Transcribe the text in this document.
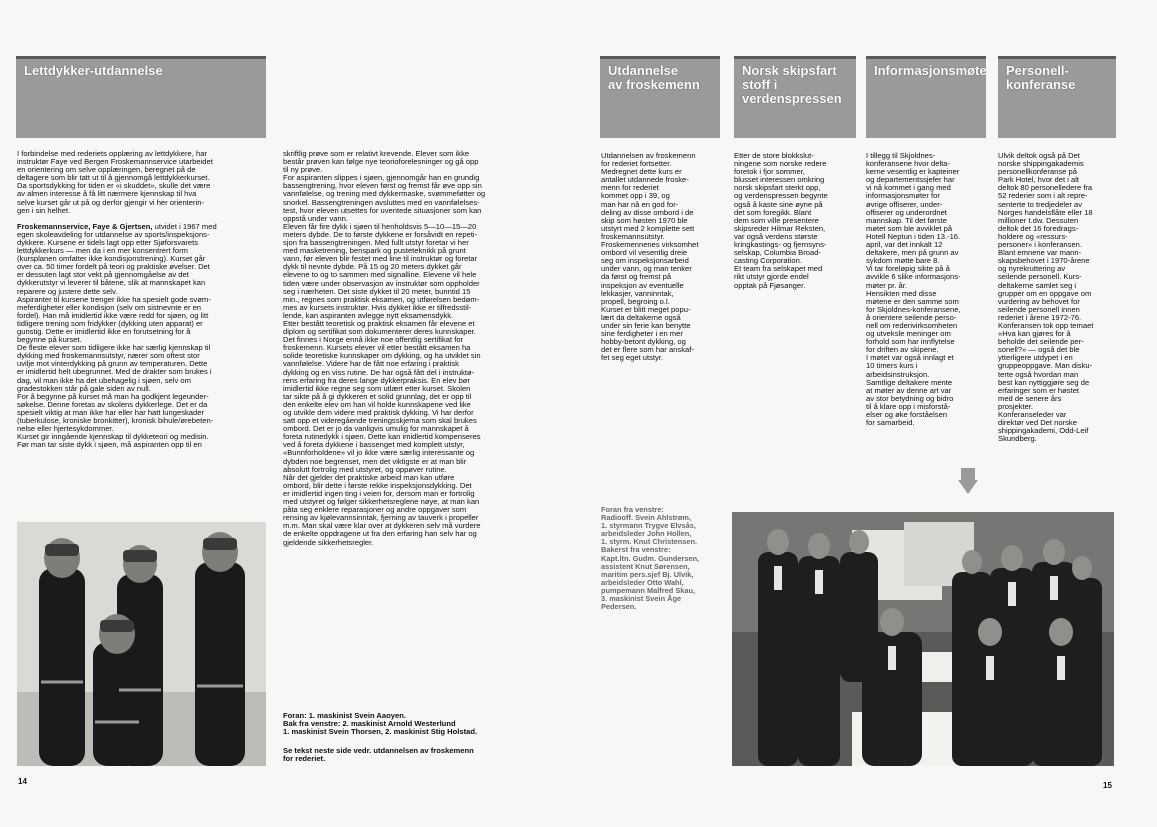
Lettdykker-utdannelse

I forbindelse med rederiets opplæring av lettdykkere, har
instruktør Faye ved Bergen Froskemannservice utarbeidet
en orientering om selve opplæringen, beregnet på de
deltagere som blir tatt ut til å gjennomgå lettdykkerkurset.
Da sportsdykking for tiden er «i skuddet», skulle det være
av almen interesse å få litt nærmere kjennskap til hva
selve kurset går ut på og derfor gjengir vi her orienterin-
gen i sin helhet.

Froskemannservice, Faye & Gjertsen, utvidet i 1967 med
egen skoleavdeling for utdannelse av sports/inspeksjons-
dykkere. Kursene er tidels lagt opp etter Sjøforsvarets
lettdykkerkurs — men da i en mer konsentrert form
(kursplanen omfatter ikke kondisjonstrening). Kurset går
over ca. 50 timer fordelt på teori og praktiske øvelser. Det
er dessuten lagt stor vekt på gjennomgåelse av det
dykkerutstyr vi leverer til båtene, slik at mannskapet kan
reparere og justere dette selv.
Aspiranter til kursene trenger ikke ha spesielt gode svøm-
meferdigheter eller kondisjon (selv om sistnevnte er en
fordel). Han må imidlertid ikke være redd for sjøen, og litt
tidligere trening som fridykker (dykking uten apparat) er
gunstig. Dette er imidlertid ikke en forutsetning for å
begynne på kurset.
De fleste elever som tidligere ikke har særlig kjennskap til
dykking med froskemannsutstyr, nærer som oftest stor
uvilje mot vinterdykking på grunn av temperaturen. Dette
er imidlertid helt ubegrunnet. Med de drakter som brukes i
dag, vil man ikke ha det ubehagelig i sjøen, selv om
gradestokken står på gale siden av null.
For å begynne på kurset må man ha godkjent legeunder-
søkelse. Denne foretas av skolens dykkerlege. Det er da
spesielt viktig at man ikke har eller har hatt lungeskader
(tuberkulose, kroniske bronkitter), kronisk bihule/ørebeten-
nelse eller hjertesykdommer.
Kurset gir inngående kjennskap til dykketeori og medisin.
Før man tar siste dykk i sjøen, må aspiranten opp til en

skriftlig prøve som er relativt krevende. Elever som ikke
består prøven kan følge nye teorioforelesninger og gå opp
til ny prøve.
For aspiranten slippes i sjøen, gjennomgår han en grundig
bassengtrening, hvor eleven først og fremst får øve opp sin
vannfølelse, og trening med dykkermaske, svømmeføtter og
snorkel. Bassengtreningen avsluttes med en vannfølelses-
test, hvor eleven utsettes for uventede situasjoner som kan
oppstå under vann.
Eleven får fire dykk i sjøen til henholdsvis 5—10—15—20
meters dybde. De to første dykkene er forsåvidt en repeti-
sjon fra bassengtreningen. Med fullt utstyr foretar vi her
med masketrening, benspark og pusteteknikk på grunt
vann, før eleven blir festet med line til instruktør og foretar
dykk til nevnte dybde. På 15 og 20 meters dykket går
elevene to og to sammen med signalline. Elevene vil hele
tiden være under observasjon av instruktør som oppholder
seg i nærheten. Det siste dykket til 20 meter, bunntid 15
min., regnes som praktisk eksamen, og utførelsen bedøm-
mes av kursets instruktør. Hvis dykket ikke er tilfredsstil-
lende, kan aspiranten avlegge nytt eksamensdykk.
Etter bestått teoretisk og praktisk eksamen får elevene et
diplom og sertifikat som dokumenterer deres kunnskaper.
Det finnes i Norge ennå ikke noe offentlig sertifikat for
froskemenn. Kursets elever vil etter bestått eksamen ha
solide teoretiske kunnskaper om dykking, og ha utviklet sin
vannfølelse. Videre har de fått noe erfaring i praktisk
dykking og en viss rutine. De har også fått del i instruktø-
rens erfaring fra deres lange dykkerpraksis. En elev bør
imidlertid ikke regne seg som utlært etter kurset. Skolen
tar sikte på å gi dykkeren et solid grunnlag, det er opp til
den enkelte elev om han vil holde kunnskapene ved like
og utvikle dem videre med praktisk dykking. Vi har derfor
satt opp et videregående treningsskjema som skal brukes
ombord. Det er jo da vanligvis umulig for mannskapet å
foreta rutinedykk i sjøen. Dette kan imidlertid kompenseres
ved å foreta dykkene i bassenget med komplett utstyr,
«Bunnforholdene» vil jo ikke være særlig interessante og
dybden noe begrenset, men det viktigste er at man blir
absolutt fortrolig med utstyret, og oppøver rutine.
Når det gjelder det praktiske arbeid man kan utføre
ombord, blir dette i første rekke inspeksjonsdykking. Det
er imidlertid ingen ting i veien for, dersom man er fortrolig
med utstyret og følger sikkerhetsreglene nøye, at man kan
påta seg enklere reparasjoner og andre oppgaver som
rensing av kjølevannsinntak, fjerning av tauverk i propeller
m.m. Man skal være klar over at dykkeren selv må vurdere
de enkelte oppdragene ut fra den erfaring han selv har og
gjeldende sikkerhetsregler.

Foran: 1. maskinist Svein Aaoyen.
Bak fra venstre: 2. maskinist Arnold Westerlund
1. maskinist Svein Thorsen, 2. maskinist Stig Holstad.
Se tekst neste side vedr. utdannelsen av froskemenn
for rederiet.
14
Utdannelse
av froskemenn
Norsk skipsfart
stoff i
verdenspressen
Informasjonsmøte Personell-
konferanse

Utdannelsen av froskemenn
for rederiet fortsetter.
Medregnet dette kurs er
antallet utdannede froske-
menn for rederiet
kommet opp i 39, og
man har nå en god for-
deling av disse ombord i de
skip som høsten 1970 ble
utstyrt med 2 komplette sett
froskemannsutstyr.
Froskemennenes virksomhet
ombord vil vesentlig dreie
seg om inspeksjonsarbeid
under vann, og man tenker
da først og fremst på
inspeksjon av eventuelle
lekkasjer, vanninntak,
propell, begroing o.l.
Kurset er blitt meget popu-
lært da deltakerne også
under sin ferie kan benytte
sine ferdigheter i en mer
hobby-betont dykking, og
det er flere som har anskaf-
fet seg eget utstyr.

Etter de store blokkslut-
ningene som norske redere
foretok i fjor sommer,
blusset interessen omkring
norsk skipsfart sterkt opp,
og verdenspressen begynte
også å kaste sine øyne på
det som foregikk. Blant
dem som ville presentere
skipsreder Hilmar Reksten,
var også verdens største
kringkastings- og fjernsyns-
selskap, Columbia Broad-
casting Corporation.
Et team fra selskapet med
rikt utstyr gjorde endel
opptak på Fjøsanger.

I tillegg til Skjoldnes-
konferansene hvor delta-
kerne vesentlig er kapteiner
og departementssjefer har
vi nå kommet i gang med
informasjonsmøter for
øvrige offiserer, under-
offiserer og underordnet
mannskap. Til det første
møtet som ble avviklet på
Hotell Neptun i tiden 13.-16.
april, var det innkalt 12
deltakere, men på grunn av
sykdom møtte bare 8.
Vi tar foreløpig sikte på å
avvikle 6 slike informasjons-
møter pr. år.
Hensikten med disse
møtene er den samme som
for Skjoldnes-konferansene,
å orientere seilende perso-
nell om rederivirksomheten
og utveksle meninger om
forhold som har innflytelse
for driften av skipene.
I møtet var også innlagt et
10 timers kurs i
arbeidsinstruksjon.
Samtlige deltakere mente
at møter av denne art var
av stor betydning og bidro
til å klare opp i misforstå-
elser og øke forståelsen
for samarbeid.

Ulvik deltok også på Det
norske shippingakademis
personellkonferanse på
Park Hotel, hvor det i alt
deltok 80 personelledere fra
52 rederier som i alt repre-
senterte to tredjedeler av
Norges handelsflåte eller 18
millioner t.dw. Dessuten
deltok det 16 foredrags-
holdere og «ressurs-
personer» i konferansen.
Blant emnene var mann-
skapsbehovet i 1970-årene
og nyrekruttering av
seilende personell. Kurs-
deltakerne samlet seg i
grupper om en oppgave om
vurdering av behovet for
seilende personell innen
rederiet i årene 1972-76.
Konferansen tok opp temaet
«Hva kan gjøres for å
beholde det seilende per-
sonell?» — også det ble
ytterligere utdypet i en
gruppeoppgave. Man disku-
terte også hvordan man
best kan nyttiggjøre seg de
erfaringer som er høstet
med de senere års
prosjekter.
Konferanseleder var
direktør ved Det norske
shippingakademi, Odd-Leif
Skundberg.

Foran fra venstre:
Radiooff. Svein Ahlstrøm,
1. styrmann Trygve Elvsås,
arbeidsleder John Hollen,
1. styrm. Knut Christensen.
Bakerst fra venstre:
Kapt.ltn. Gudm. Gundersen,
assistent Knut Sørensen,
maritim pers.sjef Bj. Ulvik,
arbeidsleder Otto Wahl,
pumpemann Malfred Skau,
3. maskinist Svein Åge
Pedersen.
15
